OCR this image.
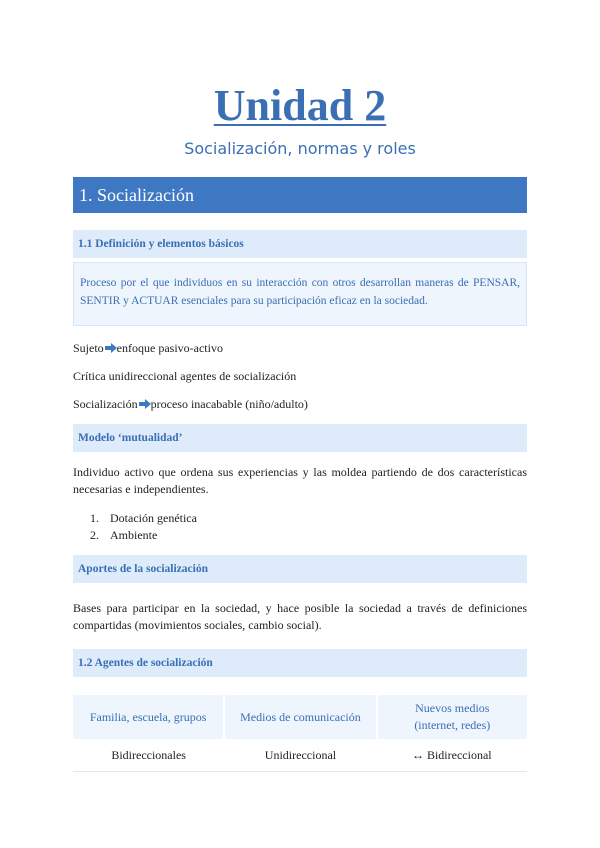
Unidad 2
Socialización, normas y roles
1. Socialización
1.1 Definición y elementos básicos
Proceso por el que individuos en su interacción con otros desarrollan maneras de PENSAR, SENTIR y ACTUAR esenciales para su participación eficaz en la sociedad.
Sujeto enfoque pasivo-activo
Crítica unidireccional agentes de socialización
Socialización proceso inacabable (niño/adulto)
Modelo ‘mutualidad’
Individuo activo que ordena sus experiencias y las moldea partiendo de dos características necesarias e independientes.
1. Dotación genética
2. Ambiente
Aportes de la socialización
Bases para participar en la sociedad, y hace posible la sociedad a través de definiciones compartidas (movimientos sociales, cambio social).
1.2 Agentes de socialización
Familia, escuela, grupos	Medios de comunicación	Nuevos medios
(internet, redes)
Bidireccionales	Unidireccional	↔ Bidireccional
